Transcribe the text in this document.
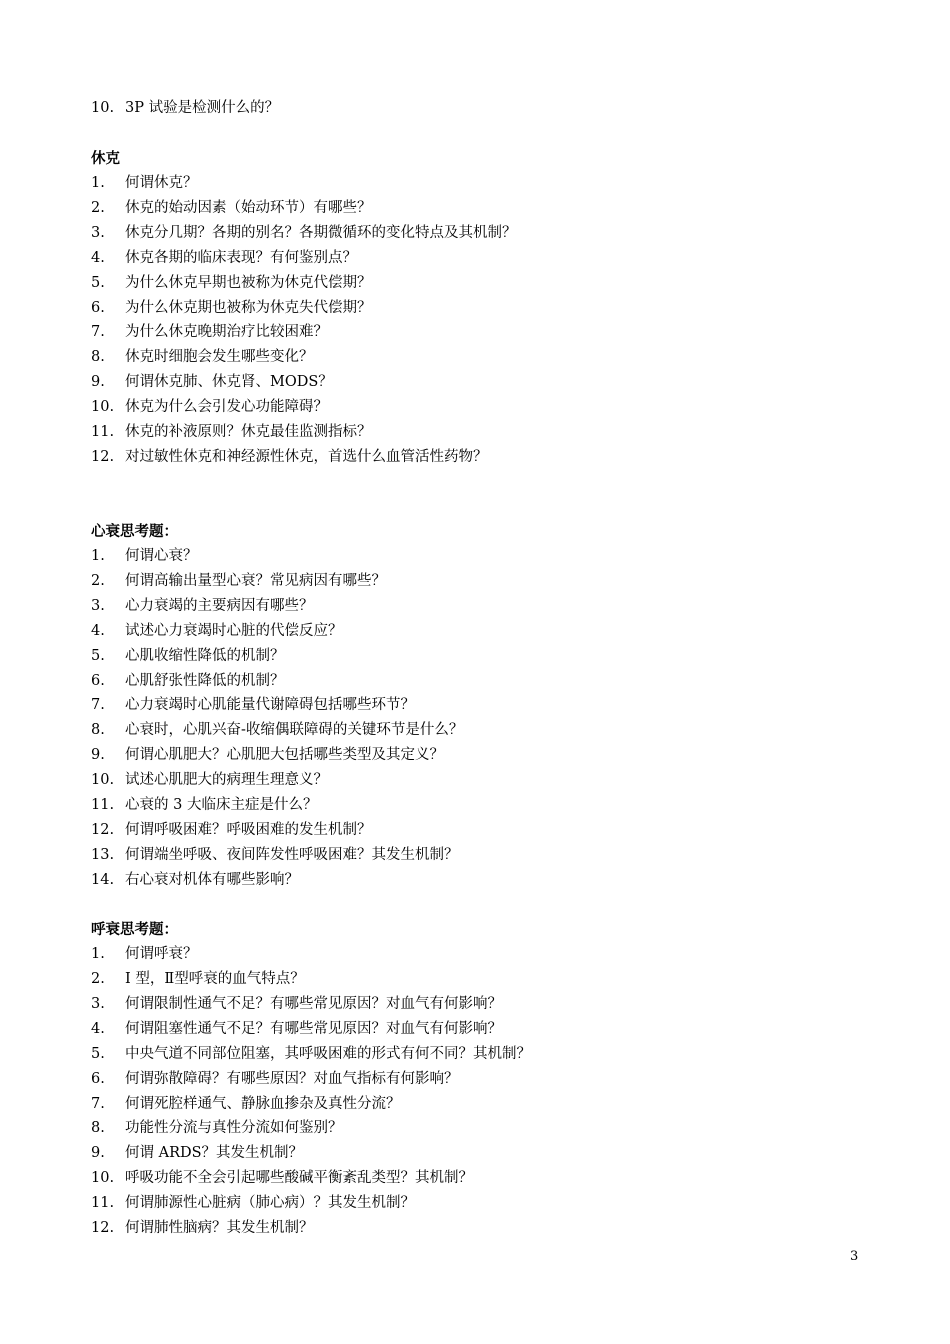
10. 3P 试验是检测什么的？
休克
1. 何谓休克？
2. 休克的始动因素（始动环节）有哪些？
3. 休克分几期？各期的别名？各期微循环的变化特点及其机制？
4. 休克各期的临床表现？有何鉴别点？
5. 为什么休克早期也被称为休克代偿期？
6. 为什么休克期也被称为休克失代偿期？
7. 为什么休克晚期治疗比较困难？
8. 休克时细胞会发生哪些变化？
9. 何谓休克肺、休克肾、MODS？
10. 休克为什么会引发心功能障碍？
11. 休克的补液原则？休克最佳监测指标？
12. 对过敏性休克和神经源性休克，首选什么血管活性药物？
心衰思考题：
1. 何谓心衰？
2. 何谓高输出量型心衰？常见病因有哪些？
3. 心力衰竭的主要病因有哪些？
4. 试述心力衰竭时心脏的代偿反应？
5. 心肌收缩性降低的机制？
6. 心肌舒张性降低的机制？
7. 心力衰竭时心肌能量代谢障碍包括哪些环节？
8. 心衰时，心肌兴奋-收缩偶联障碍的关键环节是什么？
9. 何谓心肌肥大？心肌肥大包括哪些类型及其定义？
10. 试述心肌肥大的病理生理意义？
11. 心衰的 3 大临床主症是什么？
12. 何谓呼吸困难？呼吸困难的发生机制？
13. 何谓端坐呼吸、夜间阵发性呼吸困难？其发生机制？
14. 右心衰对机体有哪些影响？
呼衰思考题：
1. 何谓呼衰？
2. Ⅰ 型，Ⅱ型呼衰的血气特点？
3. 何谓限制性通气不足？有哪些常见原因？对血气有何影响？
4. 何谓阻塞性通气不足？有哪些常见原因？对血气有何影响？
5. 中央气道不同部位阻塞，其呼吸困难的形式有何不同？其机制？
6. 何谓弥散障碍？有哪些原因？对血气指标有何影响？
7. 何谓死腔样通气、静脉血掺杂及真性分流？
8. 功能性分流与真性分流如何鉴别？
9. 何谓 ARDS？其发生机制？
10. 呼吸功能不全会引起哪些酸碱平衡紊乱类型？其机制？
11. 何谓肺源性心脏病（肺心病）？其发生机制？
12. 何谓肺性脑病？其发生机制？
3
